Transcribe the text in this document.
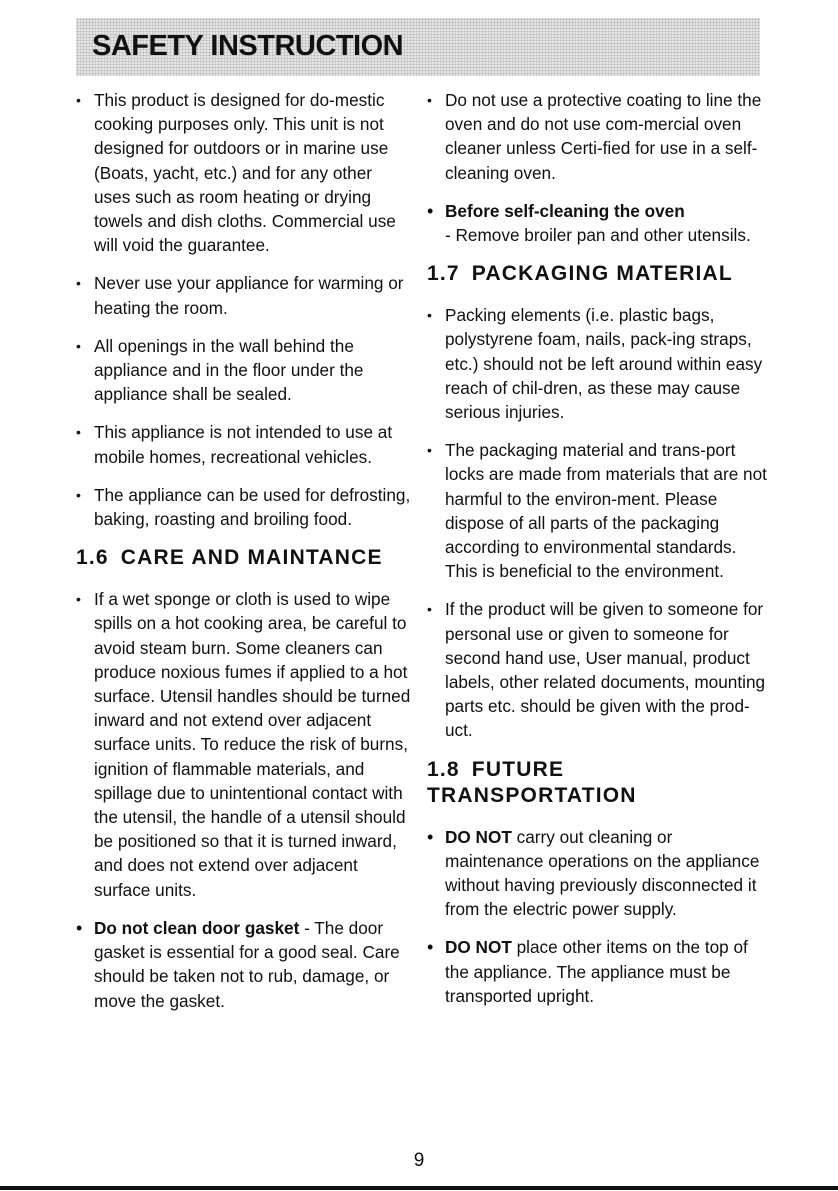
SAFETY INSTRUCTION
• This product is designed for do-mestic cooking purposes only. This unit is not designed for outdoors or in marine use (Boats, yacht, etc.) and for any other uses such as room heating or drying towels and dish cloths. Commercial use will void the guarantee.
• Never use your appliance for warming or heating the room.
• All openings in the wall behind the appliance and in the floor under the appliance shall be sealed.
• This appliance is not intended to use at mobile homes, recreational vehicles.
• The appliance can be used for defrosting, baking, roasting and broiling food.
1.6 CARE AND MAINTANCE
• If a wet sponge or cloth is used to wipe spills on a hot cooking area, be careful to avoid steam burn. Some cleaners can produce noxious fumes if applied to a hot surface. Utensil handles should be turned inward and not extend over adjacent surface units. To reduce the risk of burns, ignition of flammable materials, and spillage due to unintentional contact with the utensil, the handle of a utensil should be positioned so that it is turned inward, and does not extend over adjacent surface units.
• Do not clean door gasket - The door gasket is essential for a good seal. Care should be taken not to rub, damage, or move the gasket.
• Do not use a protective coating to line the oven and do not use com-mercial oven cleaner unless Certi-fied for use in a self-cleaning oven.
• Before self-cleaning the oven
- Remove broiler pan and other utensils.
1.7 PACKAGING MATERIAL
• Packing elements (i.e. plastic bags, polystyrene foam, nails, pack-ing straps, etc.) should not be left around within easy reach of chil-dren, as these may cause serious injuries.
• The packaging material and trans-port locks are made from materials that are not harmful to the environ-ment. Please dispose of all parts of the packaging according to environmental standards. This is beneficial to the environment.
• If the product will be given to someone for personal use or given to someone for second hand use, User manual, product labels, other related documents, mounting parts etc. should be given with the prod-uct.
1.8 FUTURE
TRANSPORTATION
• DO NOT carry out cleaning or maintenance operations on the appliance without having previously disconnected it from the electric power supply.
• DO NOT place other items on the top of the appliance. The appliance must be transported upright.
9
